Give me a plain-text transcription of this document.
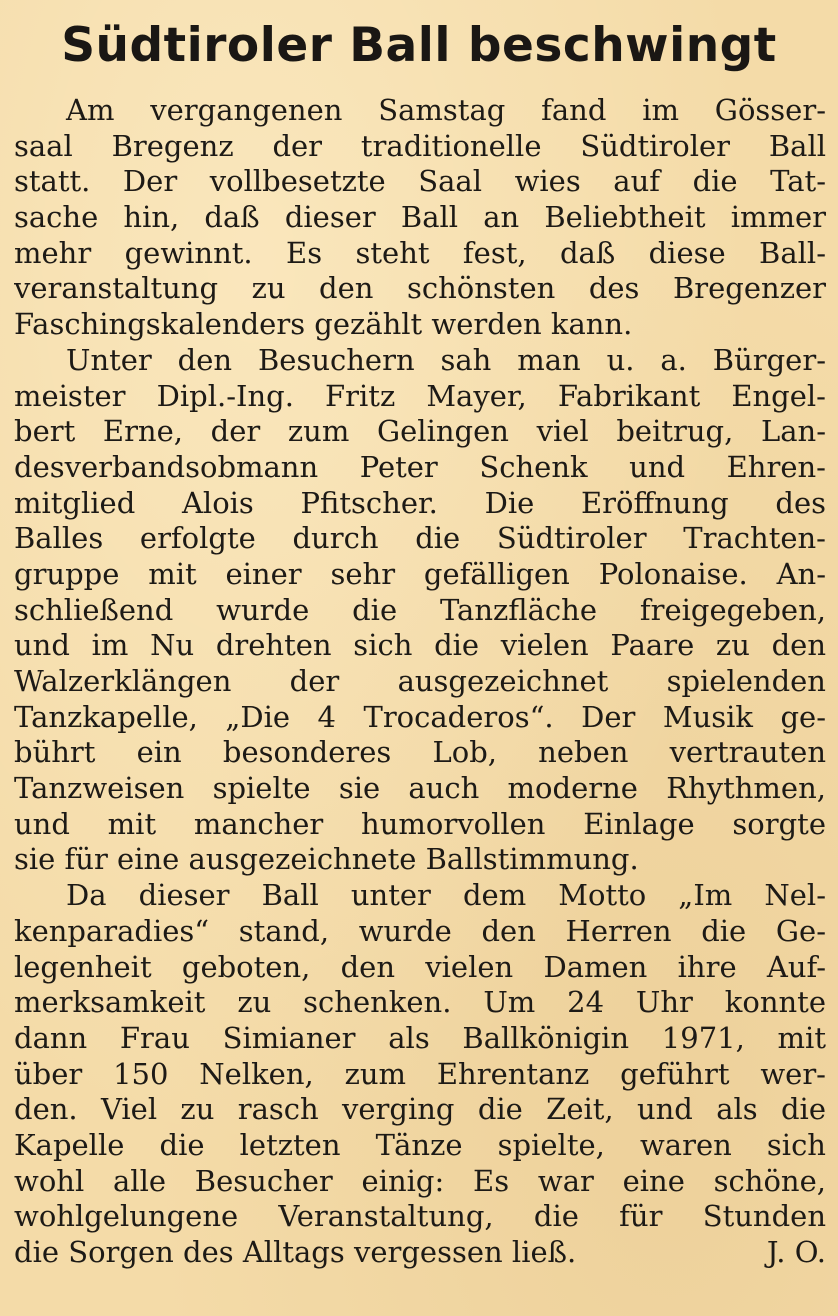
Südtiroler Ball beschwingt
Am vergangenen Samstag fand im Gösser-
saal Bregenz der traditionelle Südtiroler Ball
statt. Der vollbesetzte Saal wies auf die Tat-
sache hin, daß dieser Ball an Beliebtheit immer
mehr gewinnt. Es steht fest, daß diese Ball-
veranstaltung zu den schönsten des Bregenzer
Faschingskalenders gezählt werden kann.
Unter den Besuchern sah man u. a. Bürger-
meister Dipl.-Ing. Fritz Mayer, Fabrikant Engel-
bert Erne, der zum Gelingen viel beitrug, Lan-
desverbandsobmann Peter Schenk und Ehren-
mitglied Alois Pfitscher. Die Eröffnung des
Balles erfolgte durch die Südtiroler Trachten-
gruppe mit einer sehr gefälligen Polonaise. An-
schließend wurde die Tanzfläche freigegeben,
und im Nu drehten sich die vielen Paare zu den
Walzerklängen der ausgezeichnet spielenden
Tanzkapelle, „Die 4 Trocaderos“. Der Musik ge-
bührt ein besonderes Lob, neben vertrauten
Tanzweisen spielte sie auch moderne Rhythmen,
und mit mancher humorvollen Einlage sorgte
sie für eine ausgezeichnete Ballstimmung.
Da dieser Ball unter dem Motto „Im Nel-
kenparadies“ stand, wurde den Herren die Ge-
legenheit geboten, den vielen Damen ihre Auf-
merksamkeit zu schenken. Um 24 Uhr konnte
dann Frau Simianer als Ballkönigin 1971, mit
über 150 Nelken, zum Ehrentanz geführt wer-
den. Viel zu rasch verging die Zeit, und als die
Kapelle die letzten Tänze spielte, waren sich
wohl alle Besucher einig: Es war eine schöne,
wohlgelungene Veranstaltung, die für Stunden
die Sorgen des Alltags vergessen ließ.	J. O.
